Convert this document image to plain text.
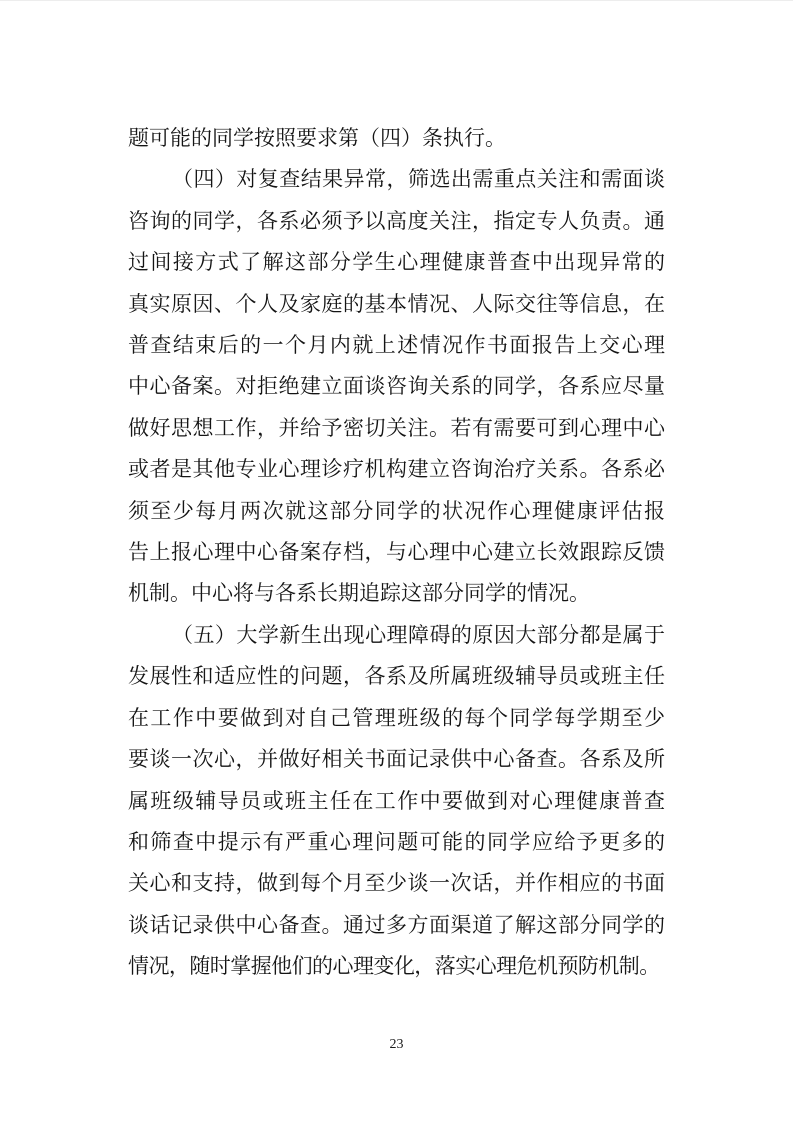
题可能的同学按照要求第（四）条执行。
（四）对复查结果异常，筛选出需重点关注和需面谈
咨询的同学，各系必须予以高度关注，指定专人负责。通
过间接方式了解这部分学生心理健康普查中出现异常的
真实原因、个人及家庭的基本情况、人际交往等信息，在
普查结束后的一个月内就上述情况作书面报告上交心理
中心备案。对拒绝建立面谈咨询关系的同学，各系应尽量
做好思想工作，并给予密切关注。若有需要可到心理中心
或者是其他专业心理诊疗机构建立咨询治疗关系。各系必
须至少每月两次就这部分同学的状况作心理健康评估报
告上报心理中心备案存档，与心理中心建立长效跟踪反馈
机制。中心将与各系长期追踪这部分同学的情况。
（五）大学新生出现心理障碍的原因大部分都是属于
发展性和适应性的问题，各系及所属班级辅导员或班主任
在工作中要做到对自己管理班级的每个同学每学期至少
要谈一次心，并做好相关书面记录供中心备查。各系及所
属班级辅导员或班主任在工作中要做到对心理健康普查
和筛查中提示有严重心理问题可能的同学应给予更多的
关心和支持，做到每个月至少谈一次话，并作相应的书面
谈话记录供中心备查。通过多方面渠道了解这部分同学的
情况，随时掌握他们的心理变化，落实心理危机预防机制。
23
